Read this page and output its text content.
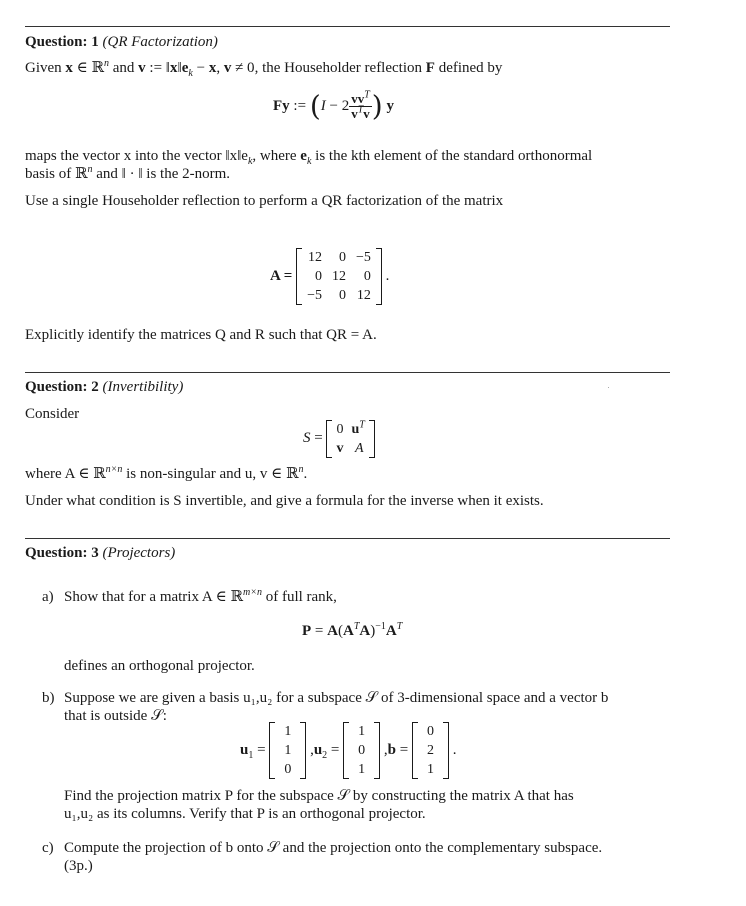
Question: 1 (QR Factorization)
Given x ∈ ℝ$^n$ and v := $‖x‖e_k - x$, v ≠ 0, the Householder reflection F defined by
Fy := ($I - 2 \frac{vv^T}{v^Tv}$ ) y
maps the vector x into the vector $‖x‖e_k$, where $e_k$ is the kth element of the standard orthonormal
basis of ℝ$^n$ and ‖ · ‖ is the 2-norm.
Use a single Householder reflection to perform a QR factorization of the matrix
A =
12	0	−5
0	12	0
−5	0	12
.
Explicitly identify the matrices Q and R such that QR = A.
Question: 2 (Invertibility)
Consider
S =
0	$u^T$
v	A
where A ∈ ℝ$^{n\times n}$ is non-singular and u, v ∈ ℝ$^n$.
Under what condition is S invertible, and give a formula for the inverse when it exists.
Question: 3 (Projectors)
a) Show that for a matrix A ∈ ℝ$^{m\times n}$ of full rank,
$P = A(A^TA)^{-1}A^T$
defines an orthogonal projector.
b) Suppose we are given a basis u₁,u₂ for a subspace 𝒮 of 3-dimensional space and a vector b
that is outside 𝒮:
$u_1$ =
1
1
0
$,u_2$ =
1
0
1
,b =
0
2
1
.
Find the projection matrix P for the subspace 𝒮 by constructing the matrix A that has
u₁,u₂ as its columns. Verify that P is an orthogonal projector.
c) Compute the projection of b onto 𝒮 and the projection onto the complementary subspace.
(3p.)
